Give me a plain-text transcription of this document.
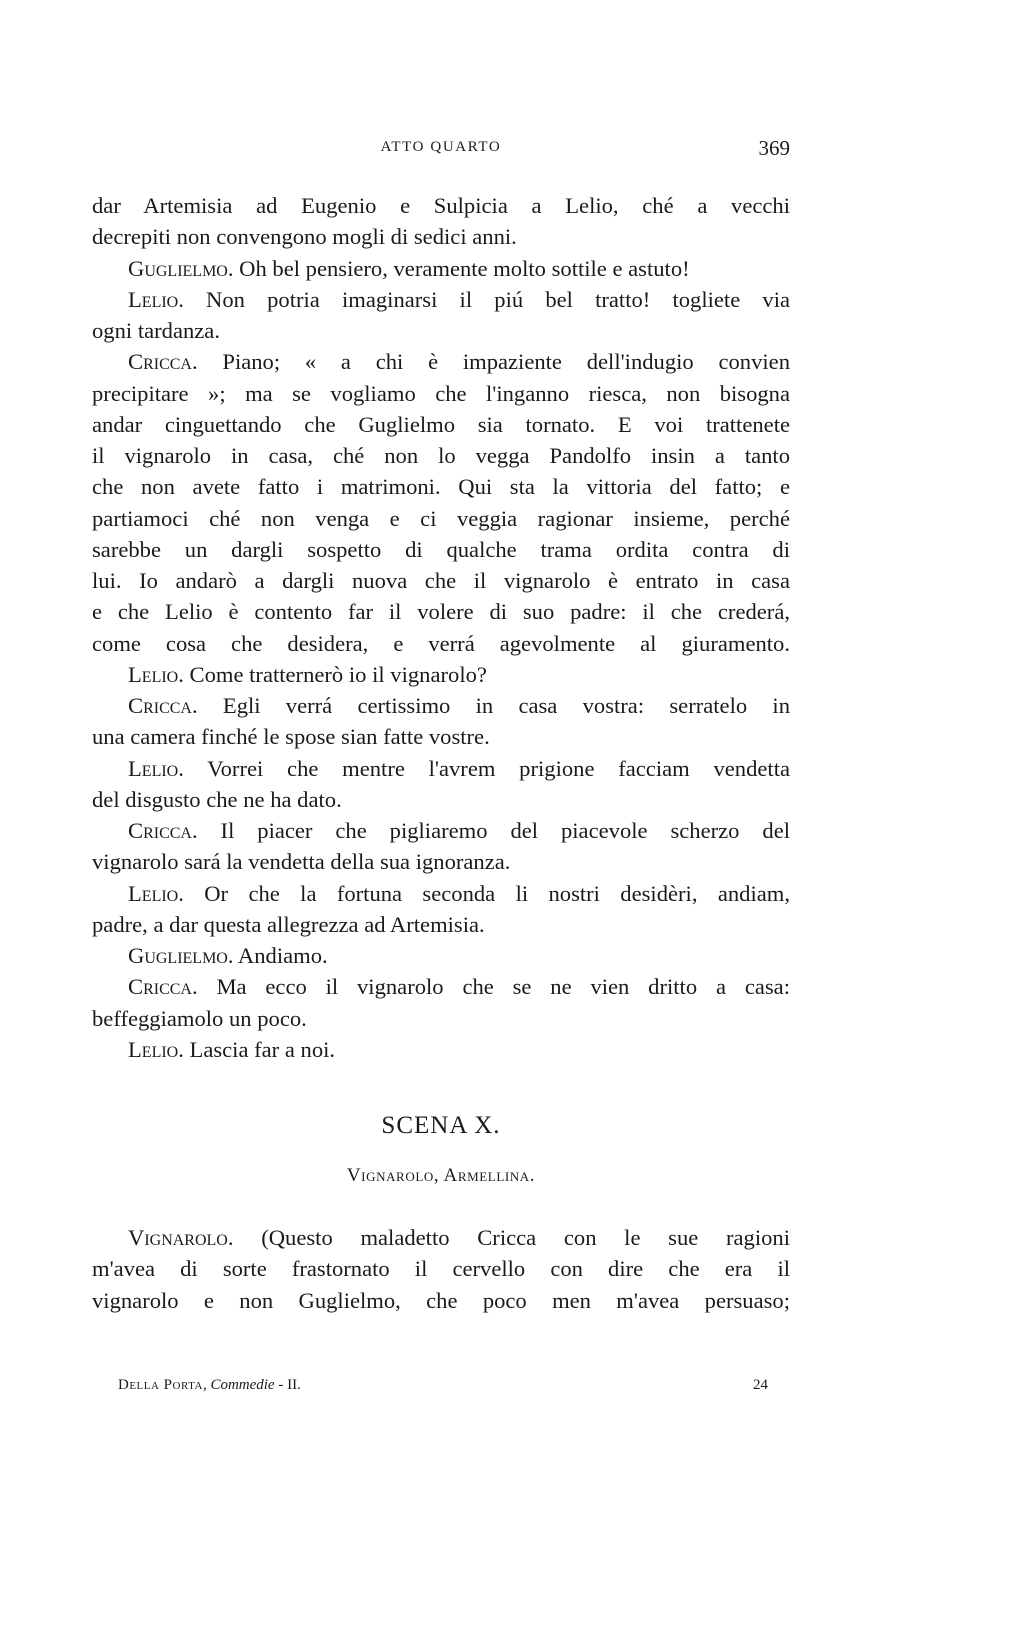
ATTO QUARTO	369
dar Artemisia ad Eugenio e Sulpicia a Lelio, ché a vecchi
decrepiti non convengono mogli di sedici anni.
Guglielmo. Oh bel pensiero, veramente molto sottile e astuto!
Lelio. Non potria imaginarsi il piú bel tratto! togliete via
ogni tardanza.
Cricca. Piano; « a chi è impaziente dell'indugio convien
precipitare »; ma se vogliamo che l'inganno riesca, non bisogna
andar cinguettando che Guglielmo sia tornato. E voi trattenete
il vignarolo in casa, ché non lo vegga Pandolfo insin a tanto
che non avete fatto i matrimoni. Qui sta la vittoria del fatto; e
partiamoci ché non venga e ci veggia ragionar insieme, perché
sarebbe un dargli sospetto di qualche trama ordita contra di
lui. Io andarò a dargli nuova che il vignarolo è entrato in casa
e che Lelio è contento far il volere di suo padre: il che crederá,
come cosa che desidera, e verrá agevolmente al giuramento.
Lelio. Come tratternerò io il vignarolo?
Cricca. Egli verrá certissimo in casa vostra: serratelo in
una camera finché le spose sian fatte vostre.
Lelio. Vorrei che mentre l'avrem prigione facciam vendetta
del disgusto che ne ha dato.
Cricca. Il piacer che pigliaremo del piacevole scherzo del
vignarolo sará la vendetta della sua ignoranza.
Lelio. Or che la fortuna seconda li nostri desidèri, andiam,
padre, a dar questa allegrezza ad Artemisia.
Guglielmo. Andiamo.
Cricca. Ma ecco il vignarolo che se ne vien dritto a casa:
beffeggiamolo un poco.
Lelio. Lascia far a noi.
SCENA X.
Vignarolo, Armellina.
Vignarolo. (Questo maladetto Cricca con le sue ragioni
m'avea di sorte frastornato il cervello con dire che era il
vignarolo e non Guglielmo, che poco men m'avea persuaso;
Della Porta, Commedie - II.	24
